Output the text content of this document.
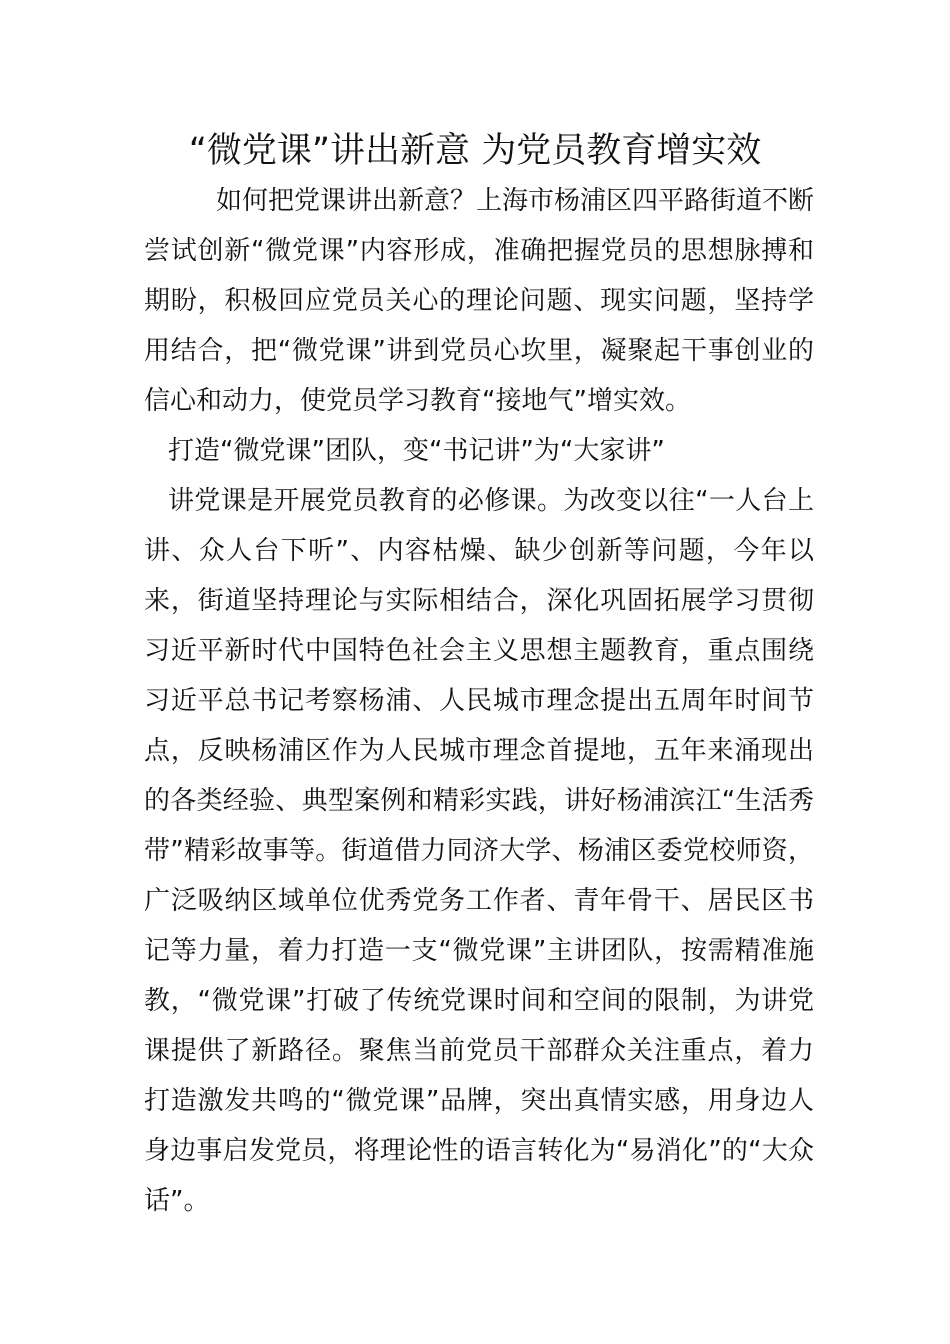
“微党课”讲出新意 为党员教育增实效

如何把党课讲出新意？上海市杨浦区四平路街道不断尝试创新“微党课”内容形成，准确把握党员的思想脉搏和期盼，积极回应党员关心的理论问题、现实问题，坚持学用结合，把“微党课”讲到党员心坎里，凝聚起干事创业的信心和动力，使党员学习教育“接地气”增实效。

打造“微党课”团队，变“书记讲”为“大家讲”

讲党课是开展党员教育的必修课。为改变以往“一人台上讲、众人台下听”、内容枯燥、缺少创新等问题，今年以来，街道坚持理论与实际相结合，深化巩固拓展学习贯彻习近平新时代中国特色社会主义思想主题教育，重点围绕习近平总书记考察杨浦、人民城市理念提出五周年时间节点，反映杨浦区作为人民城市理念首提地，五年来涌现出的各类经验、典型案例和精彩实践，讲好杨浦滨江“生活秀带”精彩故事等。街道借力同济大学、杨浦区委党校师资，广泛吸纳区域单位优秀党务工作者、青年骨干、居民区书记等力量，着力打造一支“微党课”主讲团队，按需精准施教，“微党课”打破了传统党课时间和空间的限制，为讲党课提供了新路径。聚焦当前党员干部群众关注重点，着力打造激发共鸣的“微党课”品牌，突出真情实感，用身边人身边事启发党员，将理论性的语言转化为“易消化”的“大众话”。
